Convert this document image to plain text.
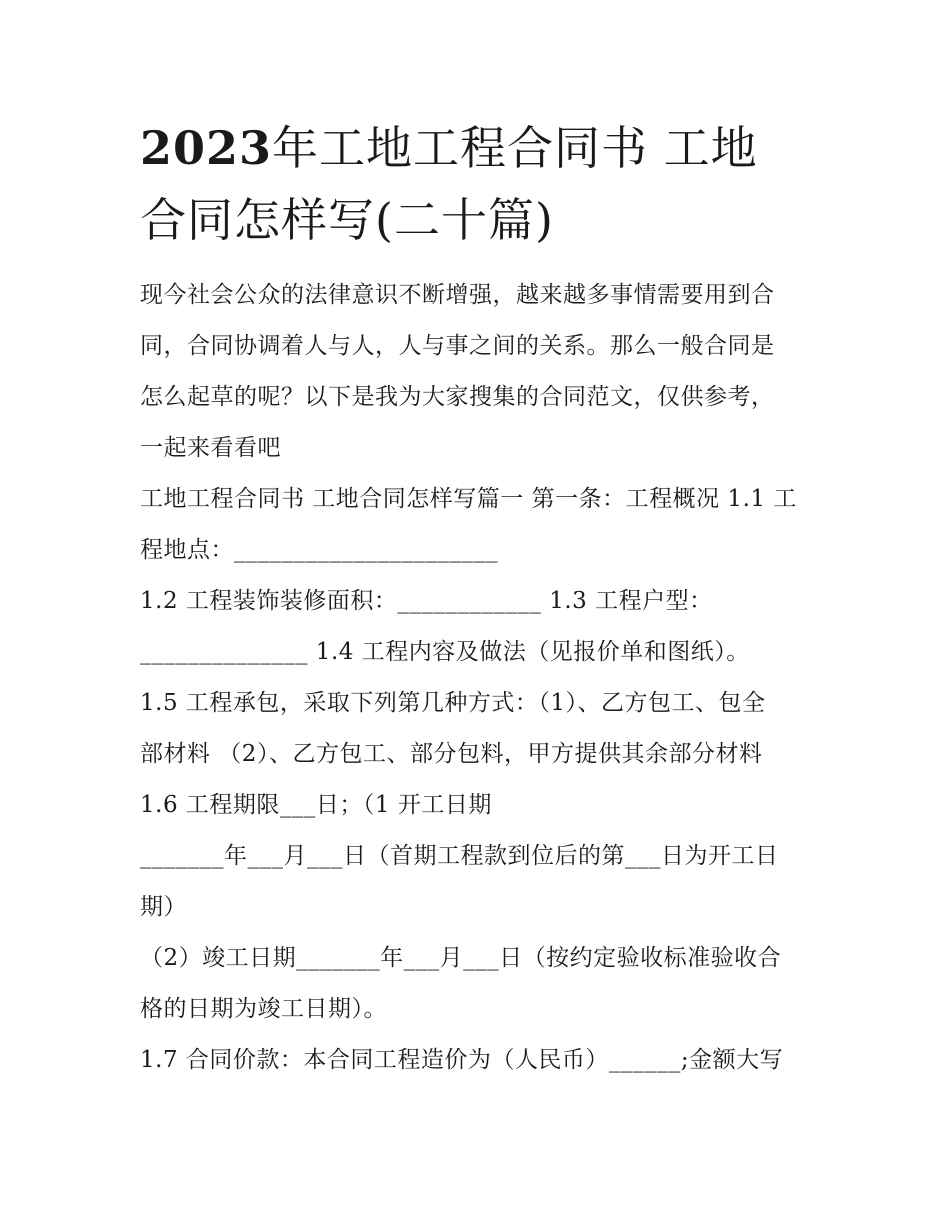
2023年工地工程合同书 工地
合同怎样写(二十篇)
现今社会公众的法律意识不断增强，越来越多事情需要用到合
同，合同协调着人与人，人与事之间的关系。那么一般合同是
怎么起草的呢？以下是我为大家搜集的合同范文，仅供参考，
一起来看看吧
工地工程合同书 工地合同怎样写篇一 第一条：工程概况 1.1 工
程地点：______________________
1.2 工程装饰装修面积：____________ 1.3 工程户型：
______________ 1.4 工程内容及做法（见报价单和图纸）。
1.5 工程承包，采取下列第几种方式：（1）、乙方包工、包全
部材料 （2）、乙方包工、部分包料，甲方提供其余部分材料
1.6 工程期限___日；（1 开工日期
_______年___月___日（首期工程款到位后的第___日为开工日
期）
（2）竣工日期_______年___月___日（按约定验收标准验收合
格的日期为竣工日期）。
1.7 合同价款：本合同工程造价为（人民币）______;金额大写
